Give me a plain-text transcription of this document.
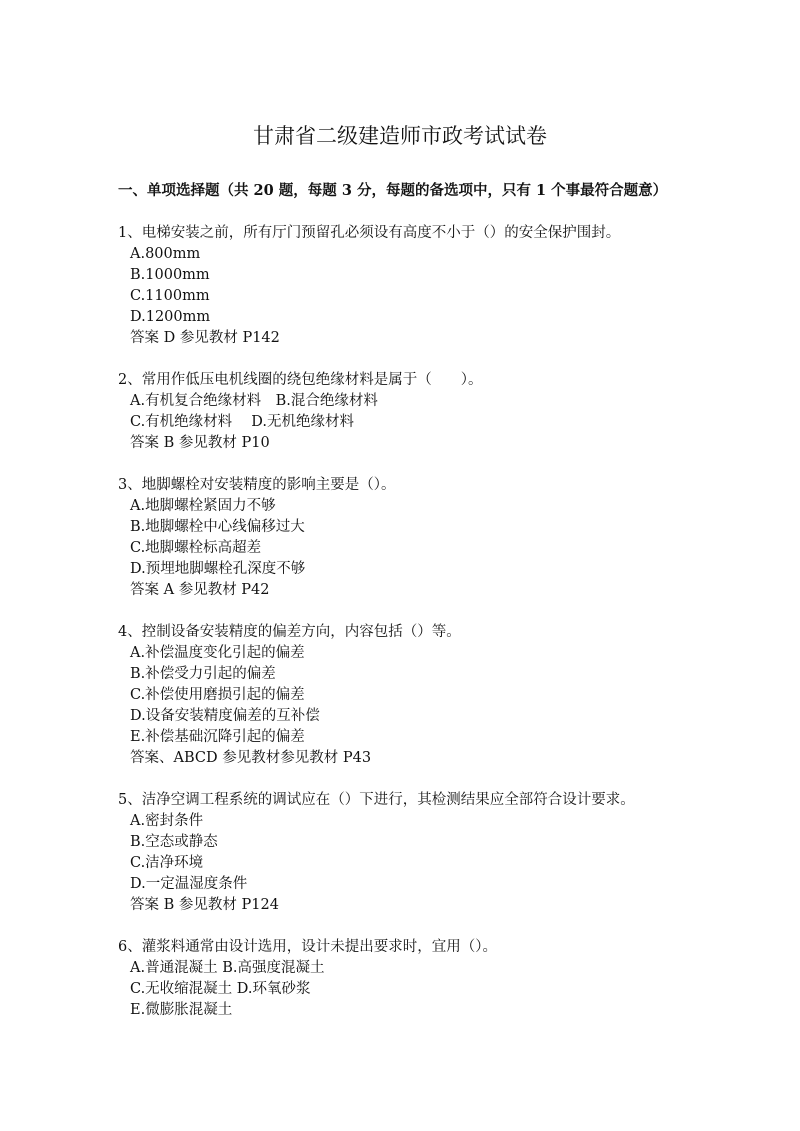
甘肃省二级建造师市政考试试卷
一、单项选择题（共 20 题，每题 3 分，每题的备选项中，只有 1 个事最符合题意）
1、电梯安装之前，所有厅门预留孔必须设有高度不小于（）的安全保护围封。
A.800mm
B.1000mm
C.1100mm
D.1200mm
答案 D 参见教材 P142
2、常用作低压电机线圈的绕包绝缘材料是属于（　　）。
A.有机复合绝缘材料　B.混合绝缘材料
C.有机绝缘材料　 D.无机绝缘材料
答案 B 参见教材 P10
3、地脚螺栓对安装精度的影响主要是（）。
A.地脚螺栓紧固力不够
B.地脚螺栓中心线偏移过大
C.地脚螺栓标高超差
D.预埋地脚螺栓孔深度不够
答案 A 参见教材 P42
4、控制设备安装精度的偏差方向，内容包括（）等。
A.补偿温度变化引起的偏差
B.补偿受力引起的偏差
C.补偿使用磨损引起的偏差
D.设备安装精度偏差的互补偿
E.补偿基础沉降引起的偏差
答案、ABCD 参见教材参见教材 P43
5、洁净空调工程系统的调试应在（）下进行，其检测结果应全部符合设计要求。
A.密封条件
B.空态或静态
C.洁净环境
D.一定温湿度条件
答案 B 参见教材 P124
6、灌浆料通常由设计选用，设计未提出要求时，宜用（）。
A.普通混凝土 B.高强度混凝土
C.无收缩混凝土 D.环氧砂浆
E.微膨胀混凝土
